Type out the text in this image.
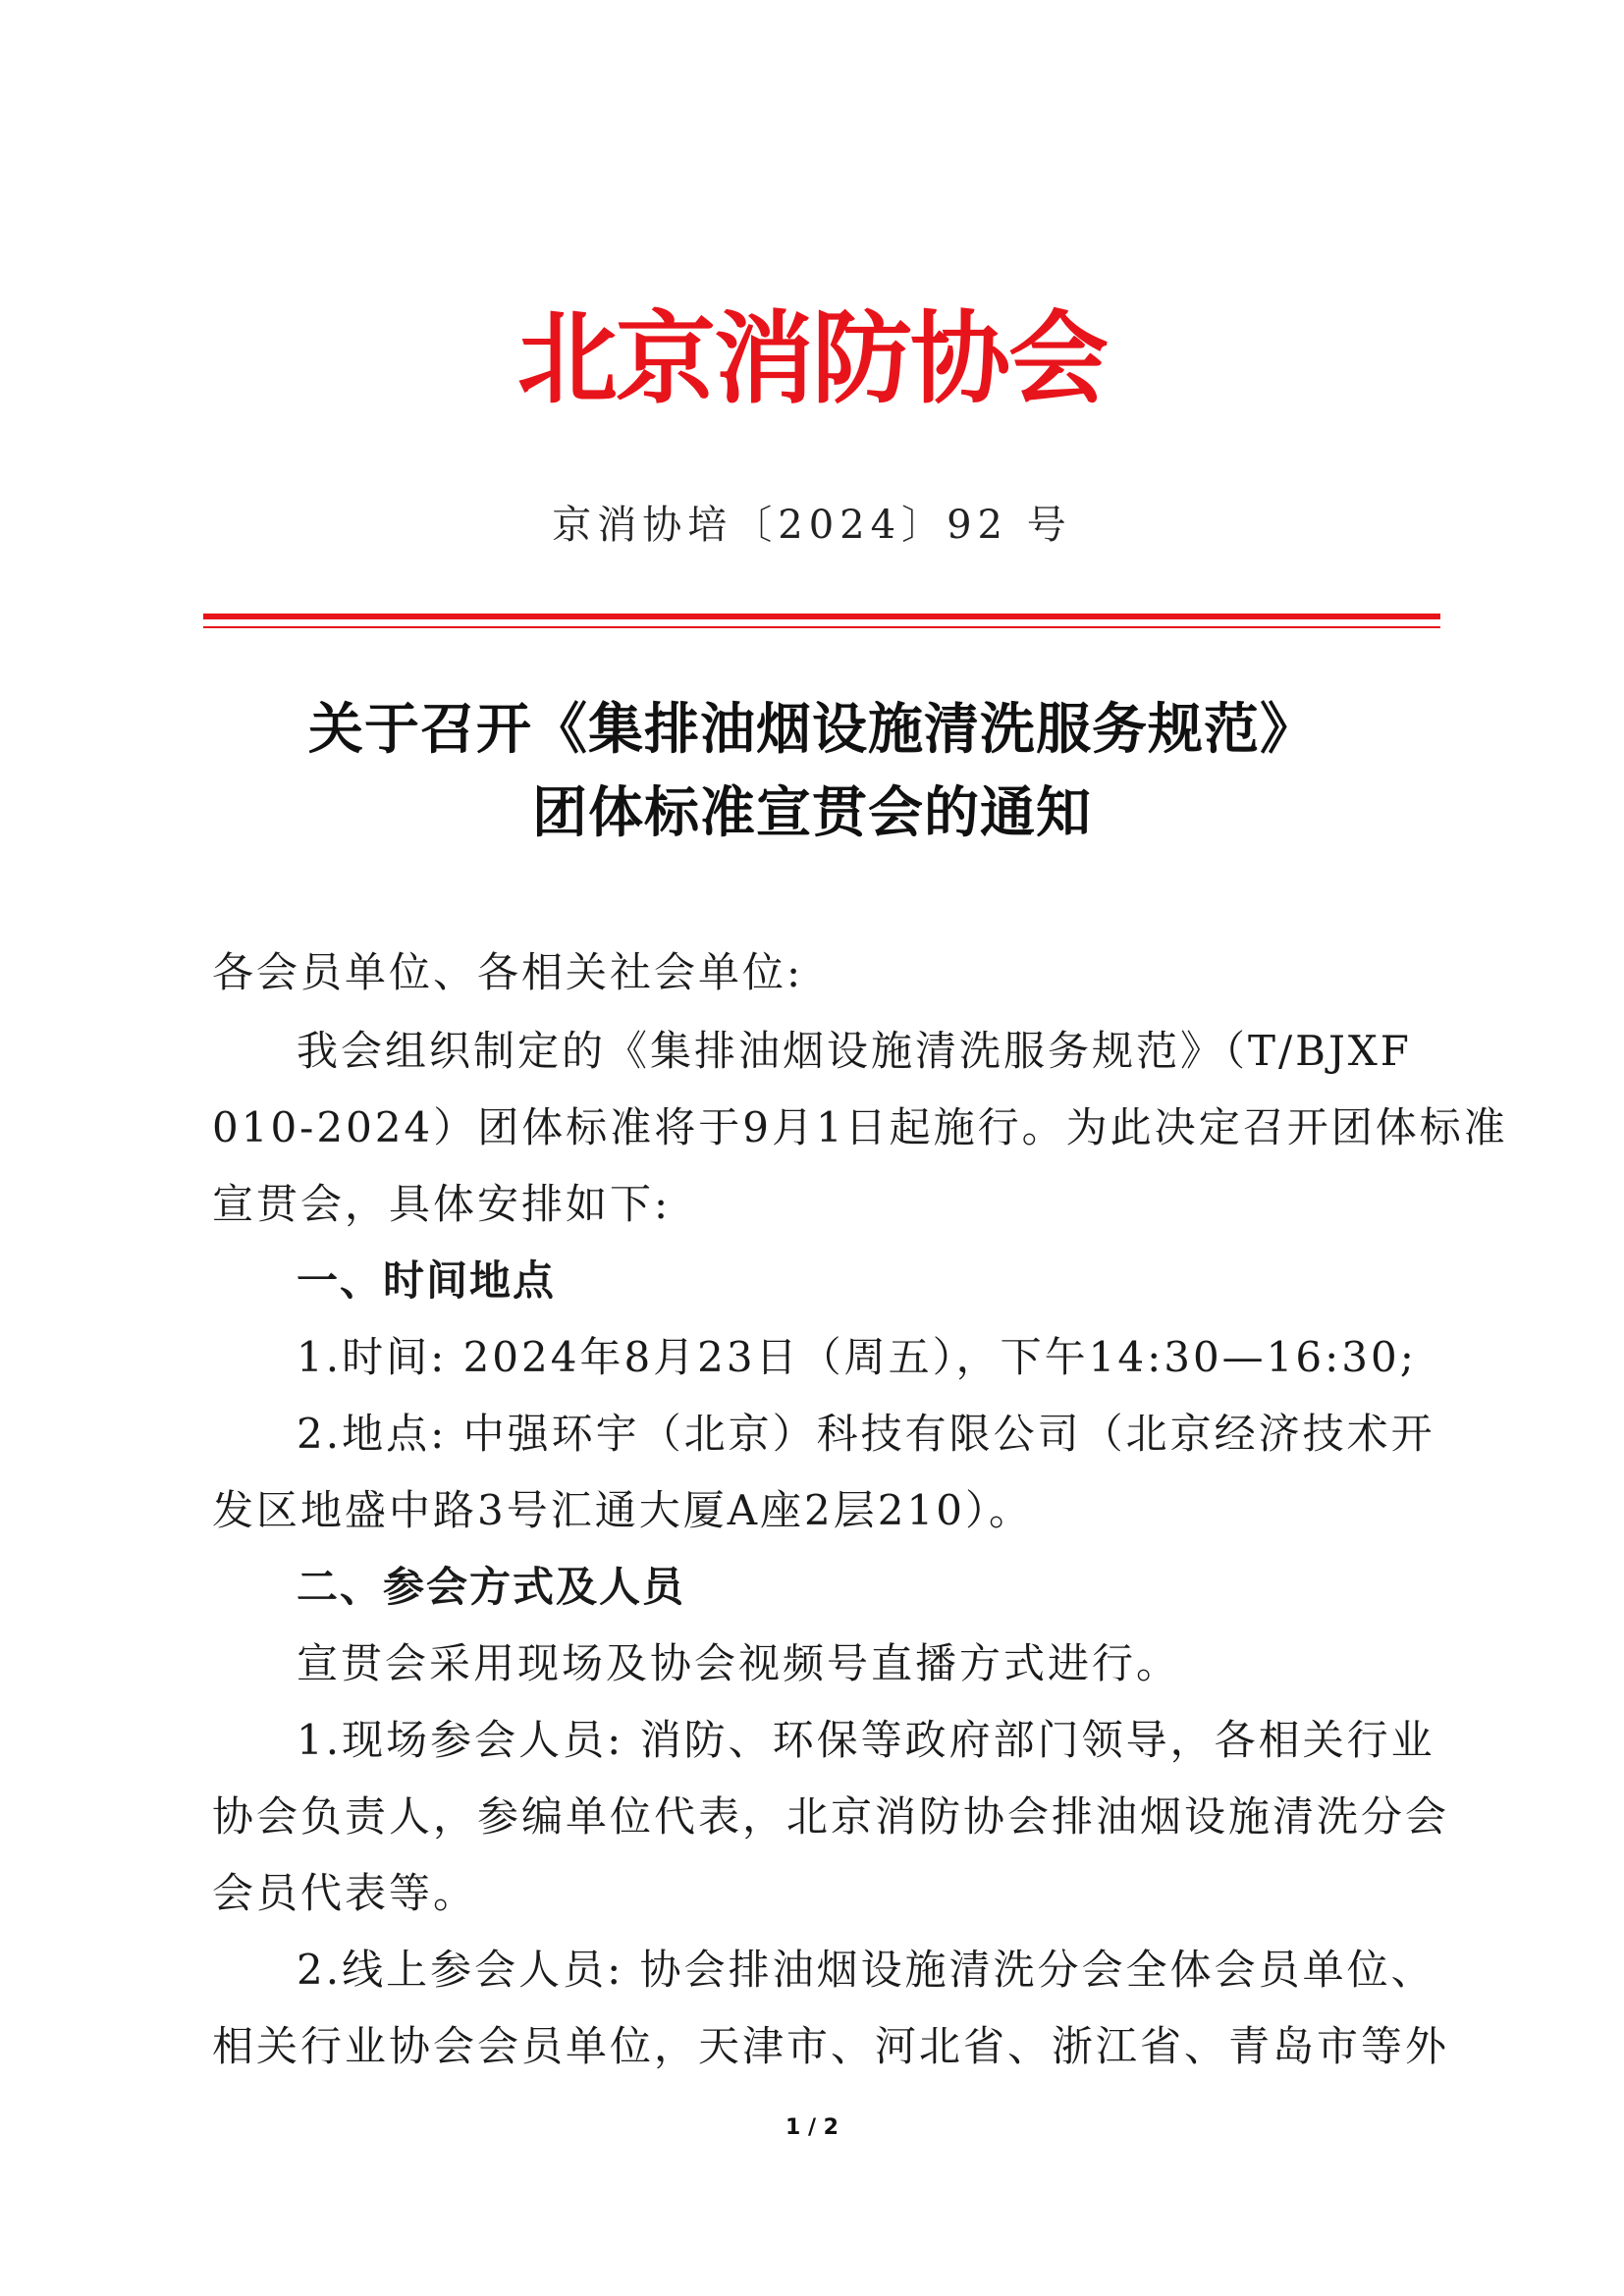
北京消防协会
京消协培〔2024〕92 号
关于召开《集排油烟设施清洗服务规范》
团体标准宣贯会的通知
各会员单位、各相关社会单位:
我会组织制定的《集排油烟设施清洗服务规范》（T/BJXF
010-2024）团体标准将于9月1日起施行。为此决定召开团体标准
宣贯会，具体安排如下:
一、时间地点
1.时间: 2024年8月23日（周五），下午14:30—16:30;
2.地点: 中强环宇（北京）科技有限公司（北京经济技术开
发区地盛中路3号汇通大厦A座2层210）。
二、参会方式及人员
宣贯会采用现场及协会视频号直播方式进行。
1.现场参会人员: 消防、环保等政府部门领导，各相关行业
协会负责人，参编单位代表，北京消防协会排油烟设施清洗分会
会员代表等。
2.线上参会人员: 协会排油烟设施清洗分会全体会员单位、
相关行业协会会员单位，天津市、河北省、浙江省、青岛市等外
1 / 2
